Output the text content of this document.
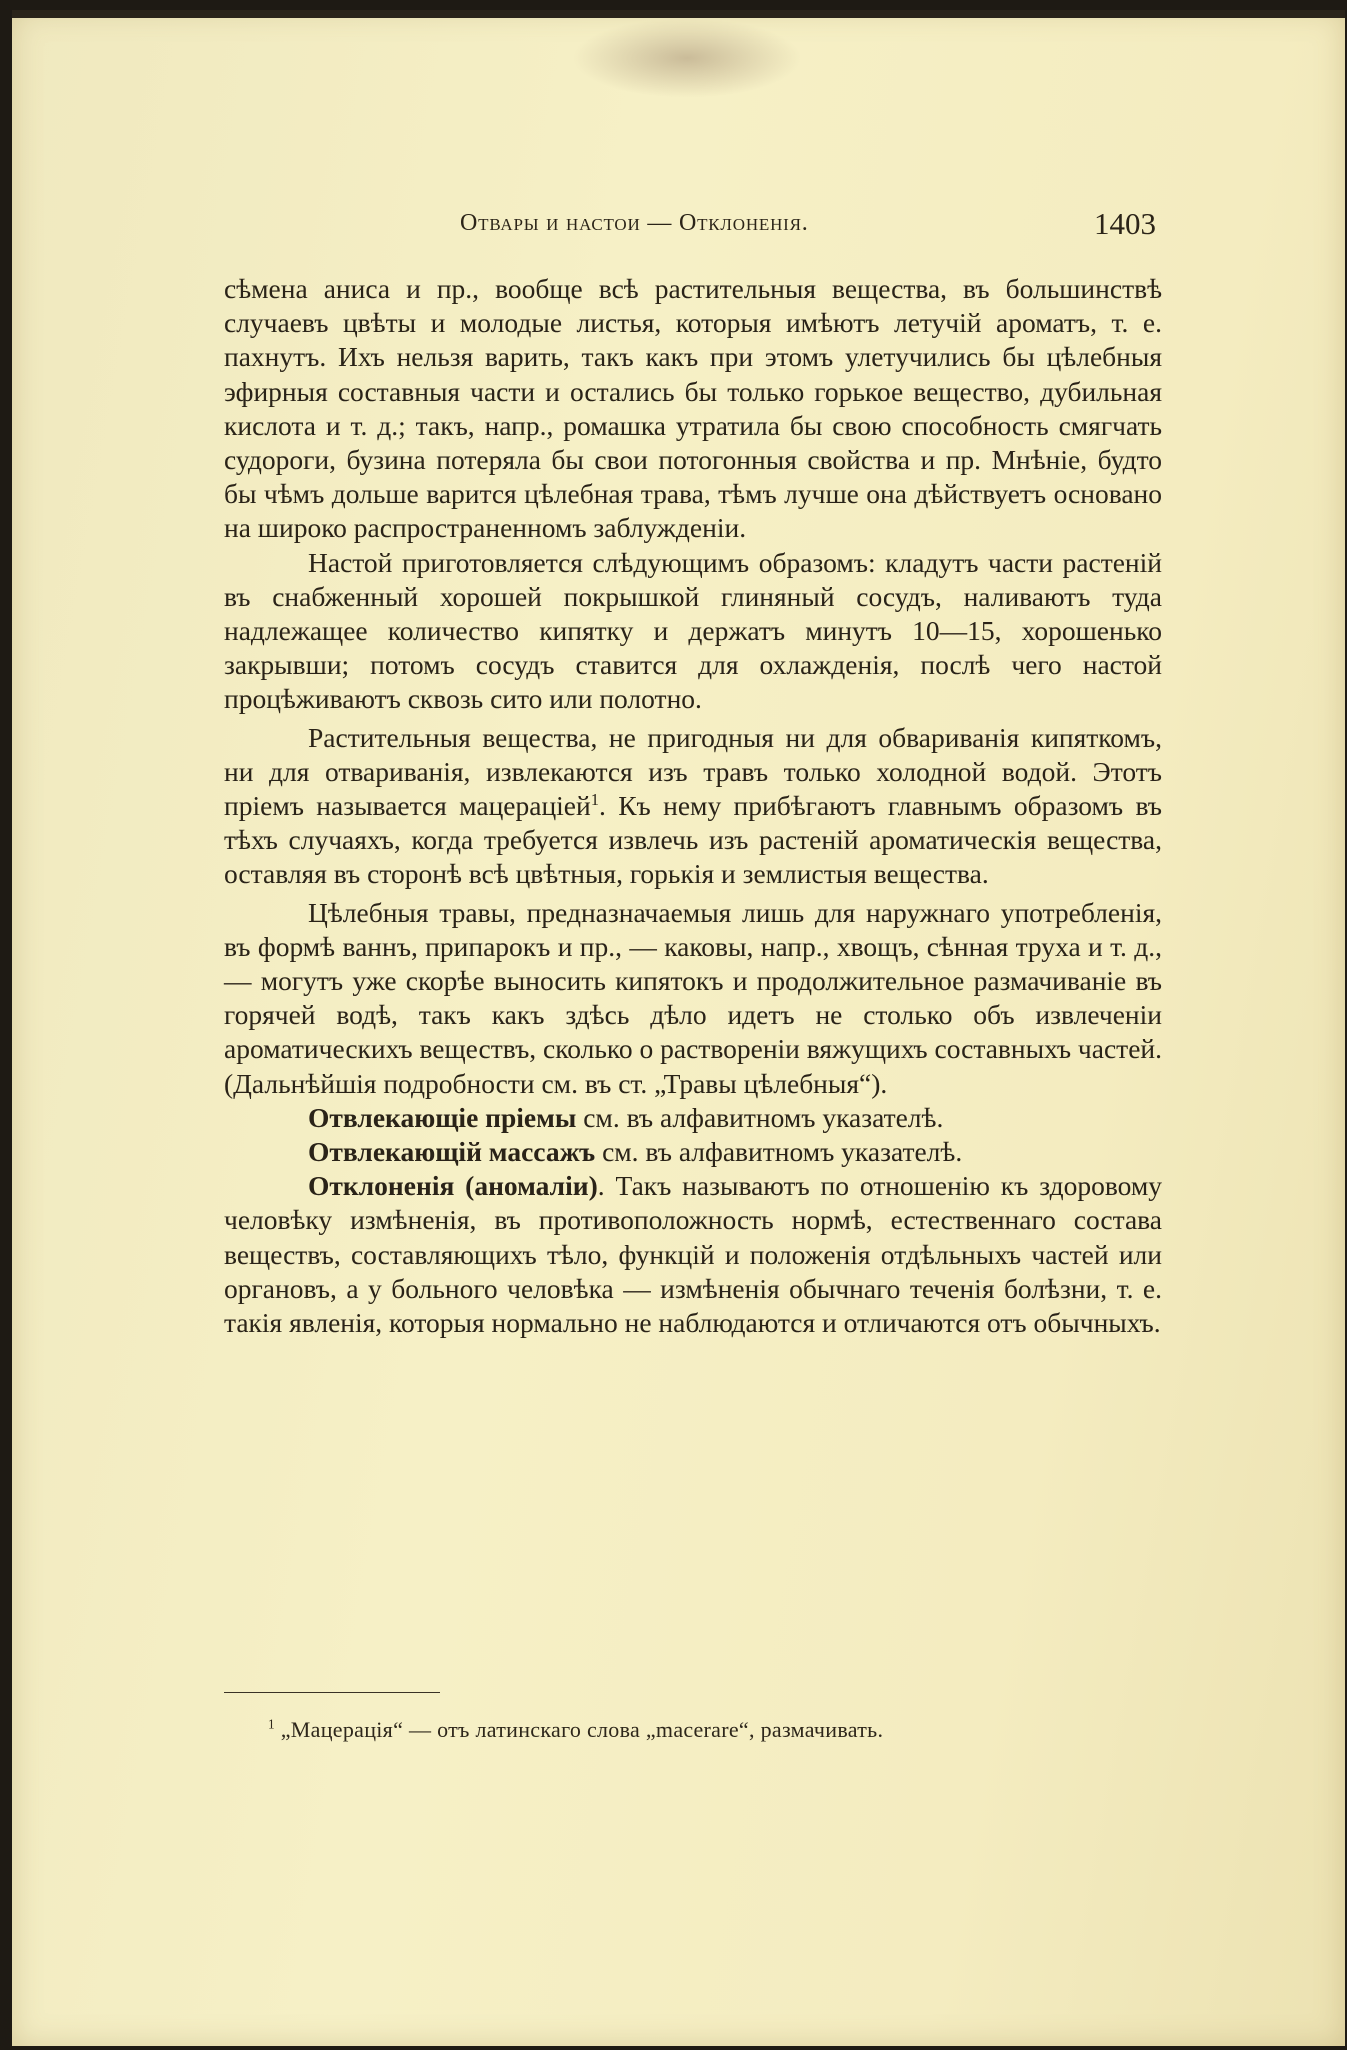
Отвары и настои — Отклоненія.	1403

сѣмена аниса и пр., вообще всѣ растительныя вещества, въ большинствѣ случаевъ цвѣты и молодые листья, которыя имѣютъ летучій ароматъ, т. е. пахнутъ. Ихъ нельзя варить, такъ какъ при этомъ улетучились бы цѣлебныя эфирныя составныя части и остались бы только горькое вещество, дубильная кислота и т. д.; такъ, напр., ромашка утратила бы свою способность смягчать судороги, бузина потеряла бы свои потогонныя свойства и пр. Мнѣніе, будто бы чѣмъ дольше варится цѣлебная трава, тѣмъ лучше она дѣйствуетъ основано на широко распространенномъ заблужденіи.

Настой приготовляется слѣдующимъ образомъ: кладутъ части растеній въ снабженный хорошей покрышкой глиняный сосудъ, наливаютъ туда надлежащее количество кипятку и держатъ минутъ 10—15, хорошенько закрывши; потомъ сосудъ ставится для охлажденія, послѣ чего настой процѣживаютъ сквозь сито или полотно.

Растительныя вещества, не пригодныя ни для обвариванія кипяткомъ, ни для отвариванія, извлекаются изъ травъ только холодной водой. Этотъ пріемъ называется мацераціей$^1$. Къ нему прибѣгаютъ главнымъ образомъ въ тѣхъ случаяхъ, когда требуется извлечь изъ растеній ароматическія вещества, оставляя въ сторонѣ всѣ цвѣтныя, горькія и землистыя вещества.

Цѣлебныя травы, предназначаемыя лишь для наружнаго употребленія, въ формѣ ваннъ, припарокъ и пр., — каковы, напр., хвощъ, сѣнная труха и т. д., — могутъ уже скорѣе выносить кипятокъ и продолжительное размачиваніе въ горячей водѣ, такъ какъ здѣсь дѣло идетъ не столько объ извлеченіи ароматическихъ веществъ, сколько о раствореніи вяжущихъ составныхъ частей. (Дальнѣйшія подробности см. въ ст. „Травы цѣлебныя“).

Отвлекающіе пріемы см. въ алфавитномъ указателѣ.

Отвлекающій массажъ см. въ алфавитномъ указателѣ.

Отклоненія (аномаліи). Такъ называютъ по отношенію къ здоровому человѣку измѣненія, въ противоположность нормѣ, естественнаго состава веществъ, составляющихъ тѣло, функцій и положенія отдѣльныхъ частей или органовъ, а у больного человѣка — измѣненія обычнаго теченія болѣзни, т. е. такія явленія, которыя нормально не наблюдаются и отличаются отъ обычныхъ.

$^1$ „Мацерація“ — отъ латинскаго слова „macerare“, размачивать.
